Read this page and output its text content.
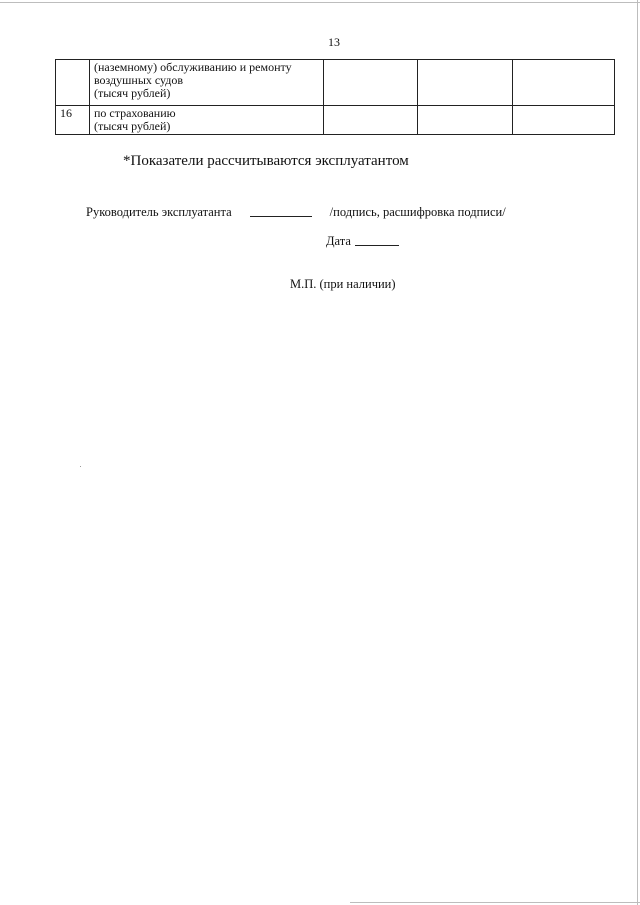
13

	(наземному) обслуживанию и ремонту
воздушных судов
(тысяч рублей)			

16	по страхованию
(тысяч рублей)			

*Показатели рассчитываются эксплуатантом
Руководитель эксплуатанта	/подпись, расшифровка подписи/
Дата
М.П. (при наличии)
